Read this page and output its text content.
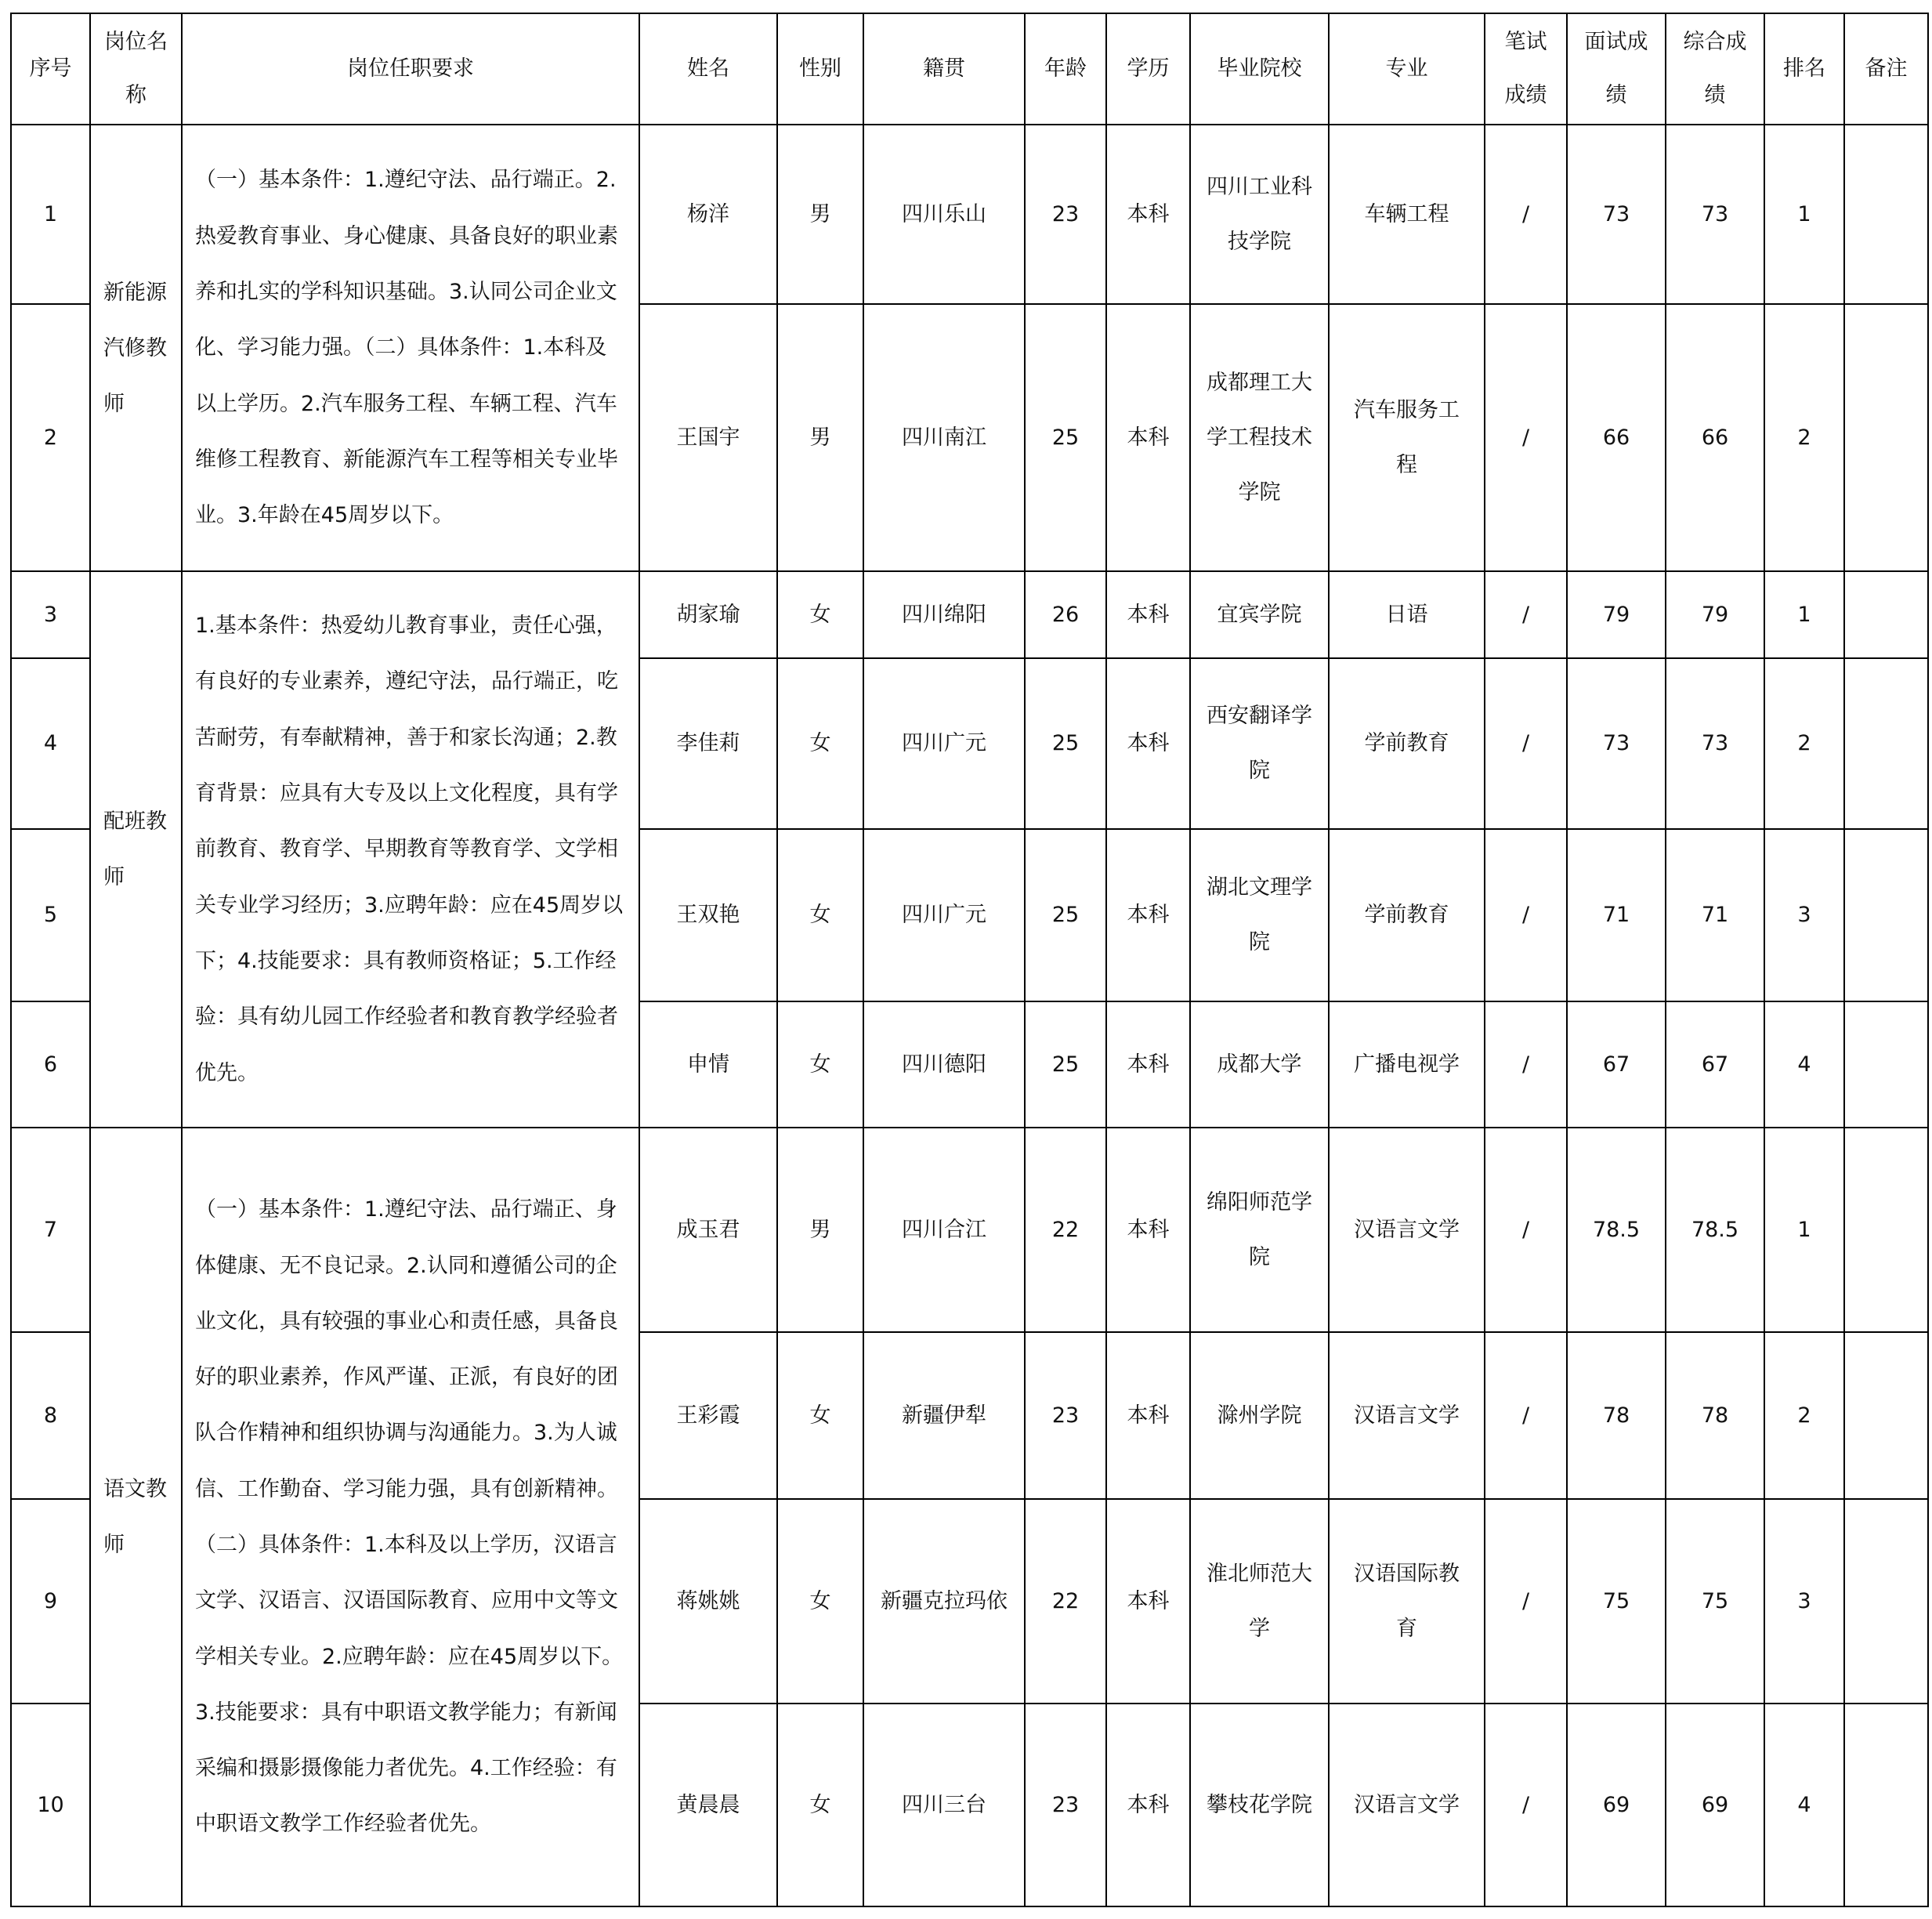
序号	岗位名称	岗位任职要求	姓名	性别	籍贯	年龄	学历	毕业院校	专业	笔试成绩	面试成绩	综合成绩	排名	备注
1	新能源汽修教师	（一）基本条件：1.遵纪守法、品行端正。2.热爱教育事业、身心健康、具备良好的职业素养和扎实的学科知识基础。3.认同公司企业文化、学习能力强。（二）具体条件：1.本科及以上学历。2.汽车服务工程、车辆工程、汽车维修工程教育、新能源汽车工程等相关专业毕业。3.年龄在45周岁以下。	杨洋	男	四川乐山	23	本科	四川工业科技学院	车辆工程	/	73	73	1	
2			王国宇	男	四川南江	25	本科	成都理工大学工程技术学院	汽车服务工程	/	66	66	2	
3	配班教师	1.基本条件：热爱幼儿教育事业，责任心强，有良好的专业素养，遵纪守法，品行端正，吃苦耐劳，有奉献精神，善于和家长沟通；2.教育背景：应具有大专及以上文化程度，具有学前教育、教育学、早期教育等教育学、文学相关专业学习经历；3.应聘年龄：应在45周岁以下；4.技能要求：具有教师资格证；5.工作经验：具有幼儿园工作经验者和教育教学经验者优先。	胡家瑜	女	四川绵阳	26	本科	宜宾学院	日语	/	79	79	1	
4			李佳莉	女	四川广元	25	本科	西安翻译学院	学前教育	/	73	73	2	
5			王双艳	女	四川广元	25	本科	湖北文理学院	学前教育	/	71	71	3	
6			申情	女	四川德阳	25	本科	成都大学	广播电视学	/	67	67	4	
7	语文教师	（一）基本条件：1.遵纪守法、品行端正、身体健康、无不良记录。2.认同和遵循公司的企业文化，具有较强的事业心和责任感，具备良好的职业素养，作风严谨、正派，有良好的团队合作精神和组织协调与沟通能力。3.为人诚信、工作勤奋、学习能力强，具有创新精神。（二）具体条件：1.本科及以上学历，汉语言文学、汉语言、汉语国际教育、应用中文等文学相关专业。2.应聘年龄：应在45周岁以下。3.技能要求：具有中职语文教学能力；有新闻采编和摄影摄像能力者优先。4.工作经验：有中职语文教学工作经验者优先。	成玉君	男	四川合江	22	本科	绵阳师范学院	汉语言文学	/	78.5	78.5	1	
8			王彩霞	女	新疆伊犁	23	本科	滁州学院	汉语言文学	/	78	78	2	
9			蒋姚姚	女	新疆克拉玛依	22	本科	淮北师范大学	汉语国际教育	/	75	75	3	
10			黄晨晨	女	四川三台	23	本科	攀枝花学院	汉语言文学	/	69	69	4	
